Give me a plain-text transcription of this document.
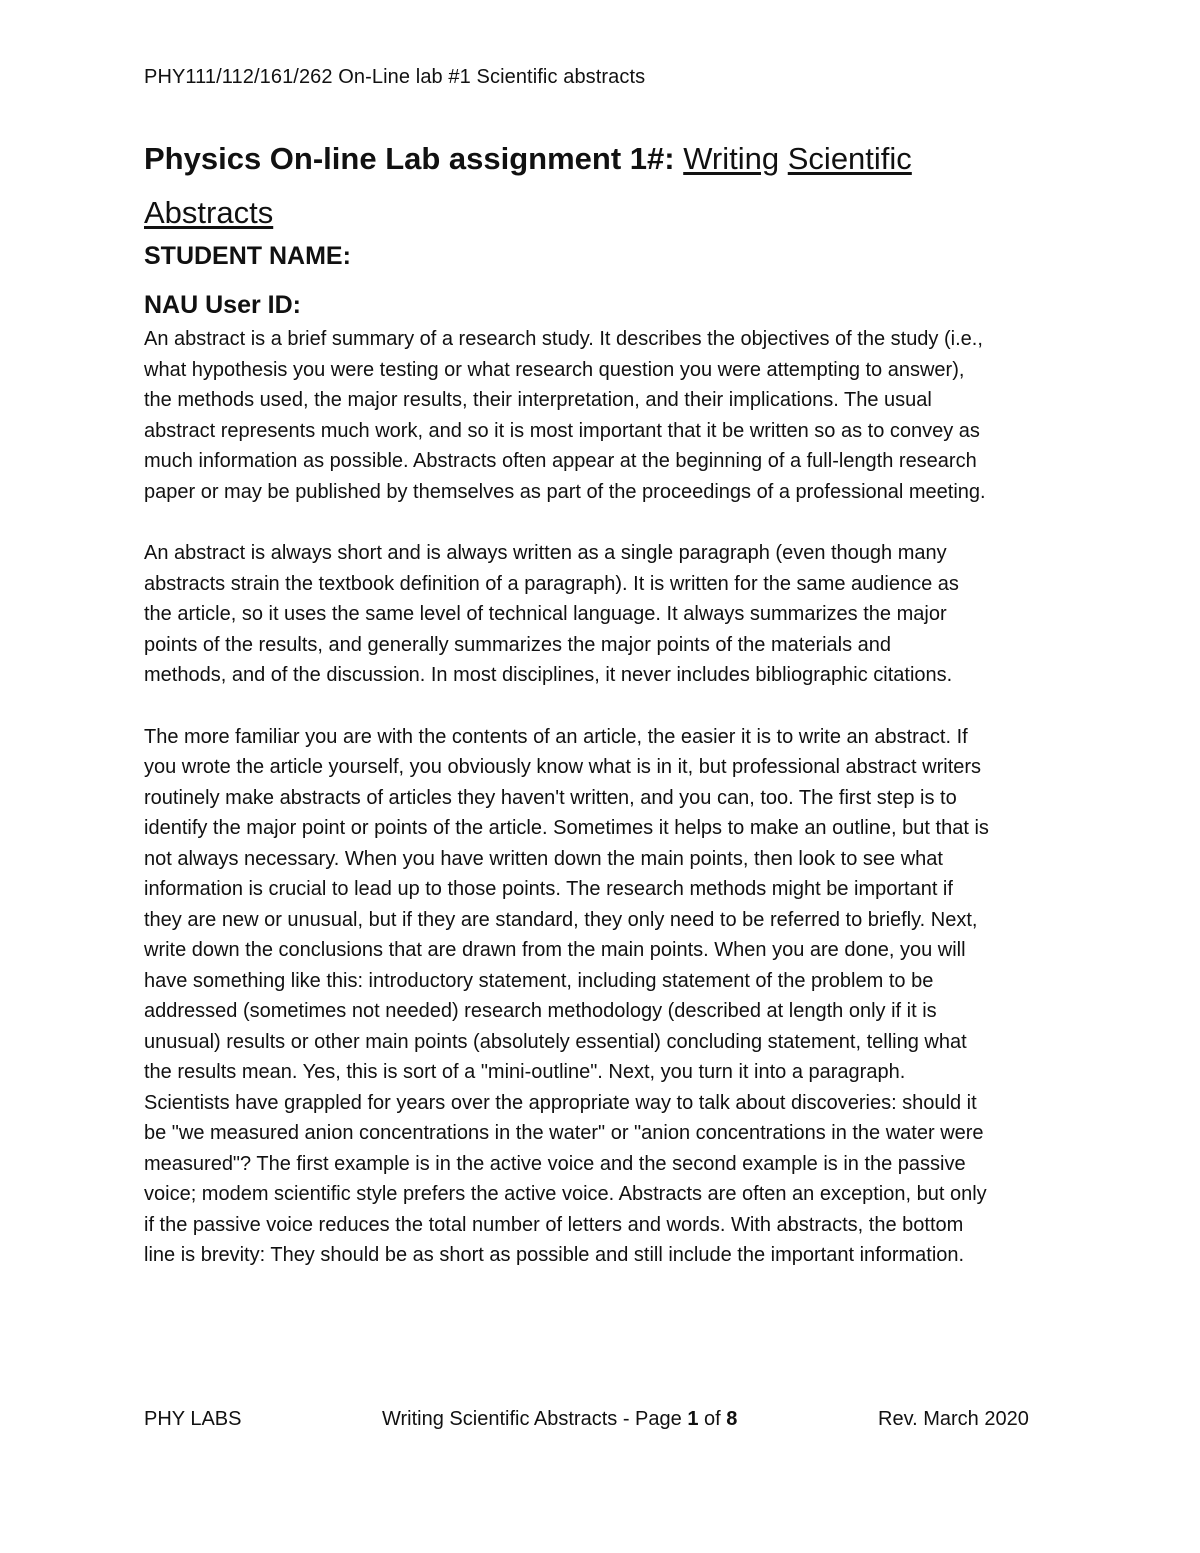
PHY111/112/161/262 On-Line lab #1 Scientific abstracts

Physics On-line Lab assignment 1#: Writing Scientific

Abstracts

STUDENT NAME:

NAU User ID:

An abstract is a brief summary of a research study. It describes the objectives of the study (i.e.,

what hypothesis you were testing or what research question you were attempting to answer),

the methods used, the major results, their interpretation, and their implications. The usual

abstract represents much work, and so it is most important that it be written so as to convey as

much information as possible. Abstracts often appear at the beginning of a full-length research

paper or may be published by themselves as part of the proceedings of a professional meeting.

An abstract is always short and is always written as a single paragraph (even though many

abstracts strain the textbook definition of a paragraph). It is written for the same audience as

the article, so it uses the same level of technical language. It always summarizes the major

points of the results, and generally summarizes the major points of the materials and

methods, and of the discussion. In most disciplines, it never includes bibliographic citations.

The more familiar you are with the contents of an article, the easier it is to write an abstract. If

you wrote the article yourself, you obviously know what is in it, but professional abstract writers

routinely make abstracts of articles they haven't written, and you can, too. The first step is to

identify the major point or points of the article. Sometimes it helps to make an outline, but that is

not always necessary. When you have written down the main points, then look to see what

information is crucial to lead up to those points. The research methods might be important if

they are new or unusual, but if they are standard, they only need to be referred to briefly. Next,

write down the conclusions that are drawn from the main points. When you are done, you will

have something like this: introductory statement, including statement of the problem to be

addressed (sometimes not needed) research methodology (described at length only if it is

unusual) results or other main points (absolutely essential) concluding statement, telling what

the results mean. Yes, this is sort of a "mini-outline". Next, you turn it into a paragraph.

Scientists have grappled for years over the appropriate way to talk about discoveries: should it

be "we measured anion concentrations in the water" or "anion concentrations in the water were

measured"? The first example is in the active voice and the second example is in the passive

voice; modem scientific style prefers the active voice. Abstracts are often an exception, but only

if the passive voice reduces the total number of letters and words. With abstracts, the bottom

line is brevity: They should be as short as possible and still include the important information.

PHY LABS	Writing Scientific Abstracts - Page 1 of 8	Rev. March 2020
